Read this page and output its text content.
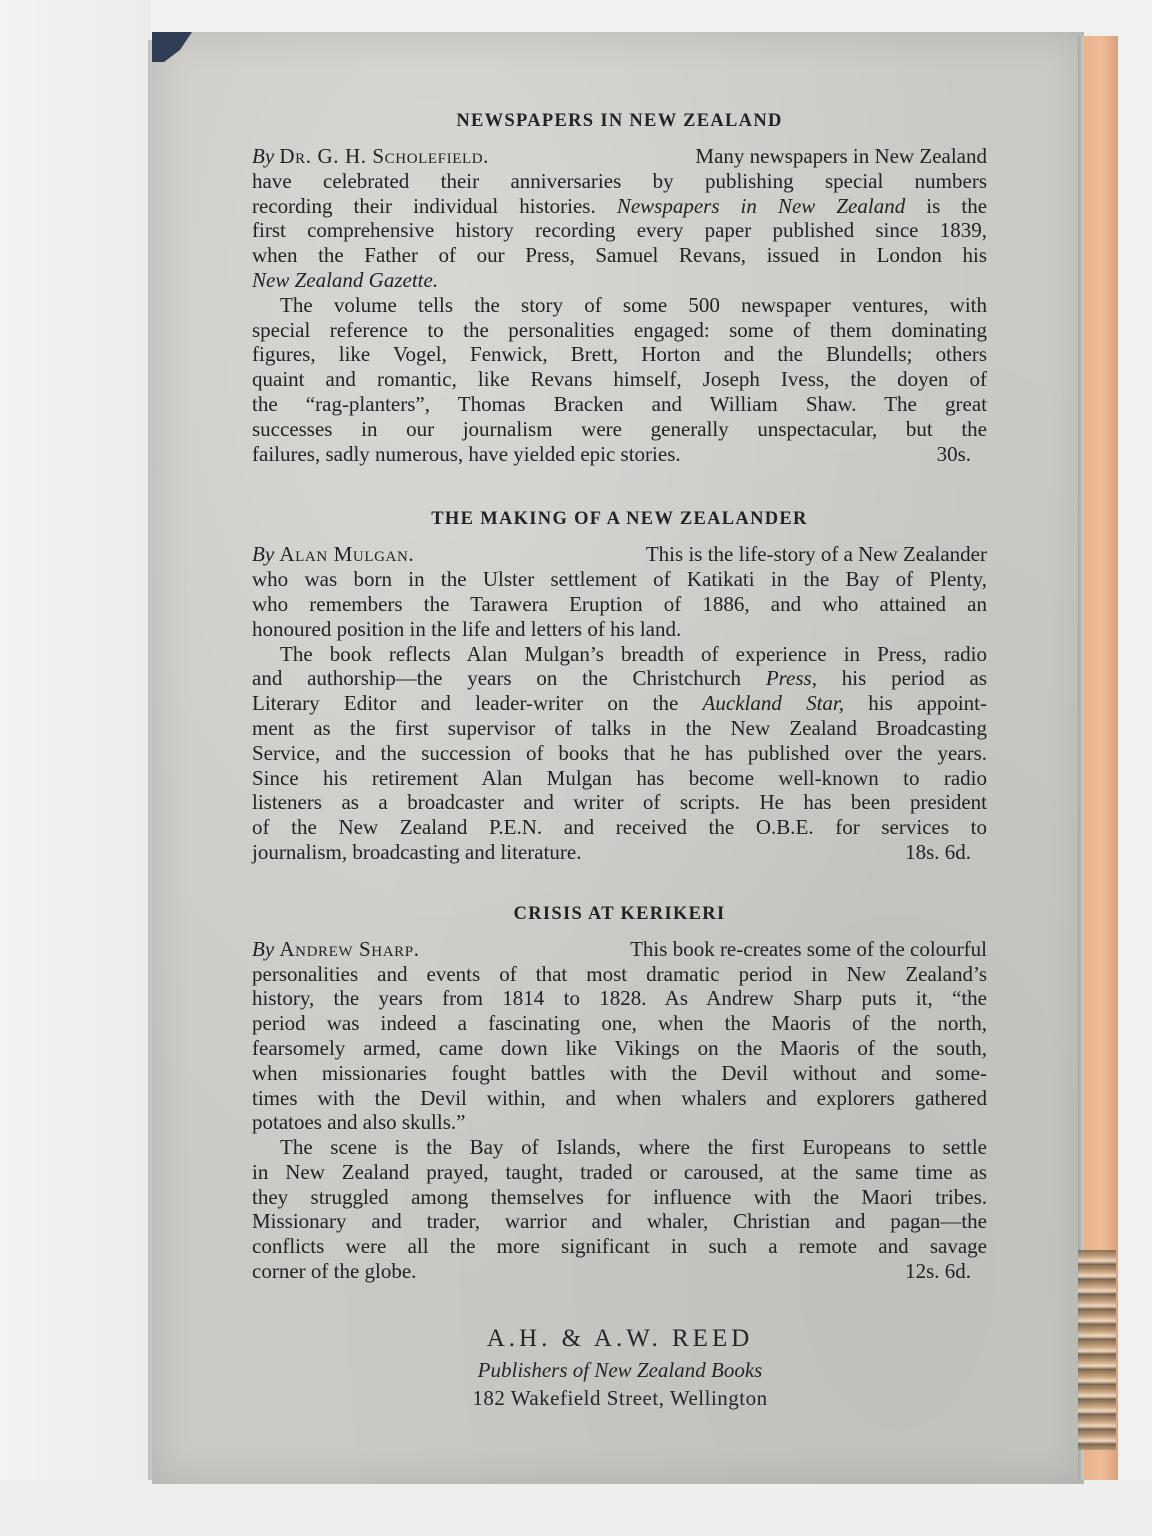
NEWSPAPERS IN NEW ZEALAND
By Dr. G. H. Scholefield.	Many newspapers in New Zealand
have celebrated their anniversaries by publishing special numbers
recording their individual histories. Newspapers in New Zealand is the
first comprehensive history recording every paper published since 1839,
when the Father of our Press, Samuel Revans, issued in London his
New Zealand Gazette.
The volume tells the story of some 500 newspaper ventures, with
special reference to the personalities engaged: some of them dominating
figures, like Vogel, Fenwick, Brett, Horton and the Blundells; others
quaint and romantic, like Revans himself, Joseph Ivess, the doyen of
the “rag-planters”, Thomas Bracken and William Shaw. The great
successes in our journalism were generally unspectacular, but the
failures, sadly numerous, have yielded epic stories.	30s.
THE MAKING OF A NEW ZEALANDER
By Alan Mulgan.	This is the life-story of a New Zealander
who was born in the Ulster settlement of Katikati in the Bay of Plenty,
who remembers the Tarawera Eruption of 1886, and who attained an
honoured position in the life and letters of his land.
The book reflects Alan Mulgan’s breadth of experience in Press, radio
and authorship—the years on the Christchurch Press, his period as
Literary Editor and leader-writer on the Auckland Star, his appoint-
ment as the first supervisor of talks in the New Zealand Broadcasting
Service, and the succession of books that he has published over the years.
Since his retirement Alan Mulgan has become well-known to radio
listeners as a broadcaster and writer of scripts. He has been president
of the New Zealand P.E.N. and received the O.B.E. for services to
journalism, broadcasting and literature.	18s. 6d.
CRISIS AT KERIKERI
By Andrew Sharp.	This book re-creates some of the colourful
personalities and events of that most dramatic period in New Zealand’s
history, the years from 1814 to 1828. As Andrew Sharp puts it, “the
period was indeed a fascinating one, when the Maoris of the north,
fearsomely armed, came down like Vikings on the Maoris of the south,
when missionaries fought battles with the Devil without and some-
times with the Devil within, and when whalers and explorers gathered
potatoes and also skulls.”
The scene is the Bay of Islands, where the first Europeans to settle
in New Zealand prayed, taught, traded or caroused, at the same time as
they struggled among themselves for influence with the Maori tribes.
Missionary and trader, warrior and whaler, Christian and pagan—the
conflicts were all the more significant in such a remote and savage
corner of the globe.	12s. 6d.
A.H. & A.W. REED
Publishers of New Zealand Books
182 Wakefield Street, Wellington
